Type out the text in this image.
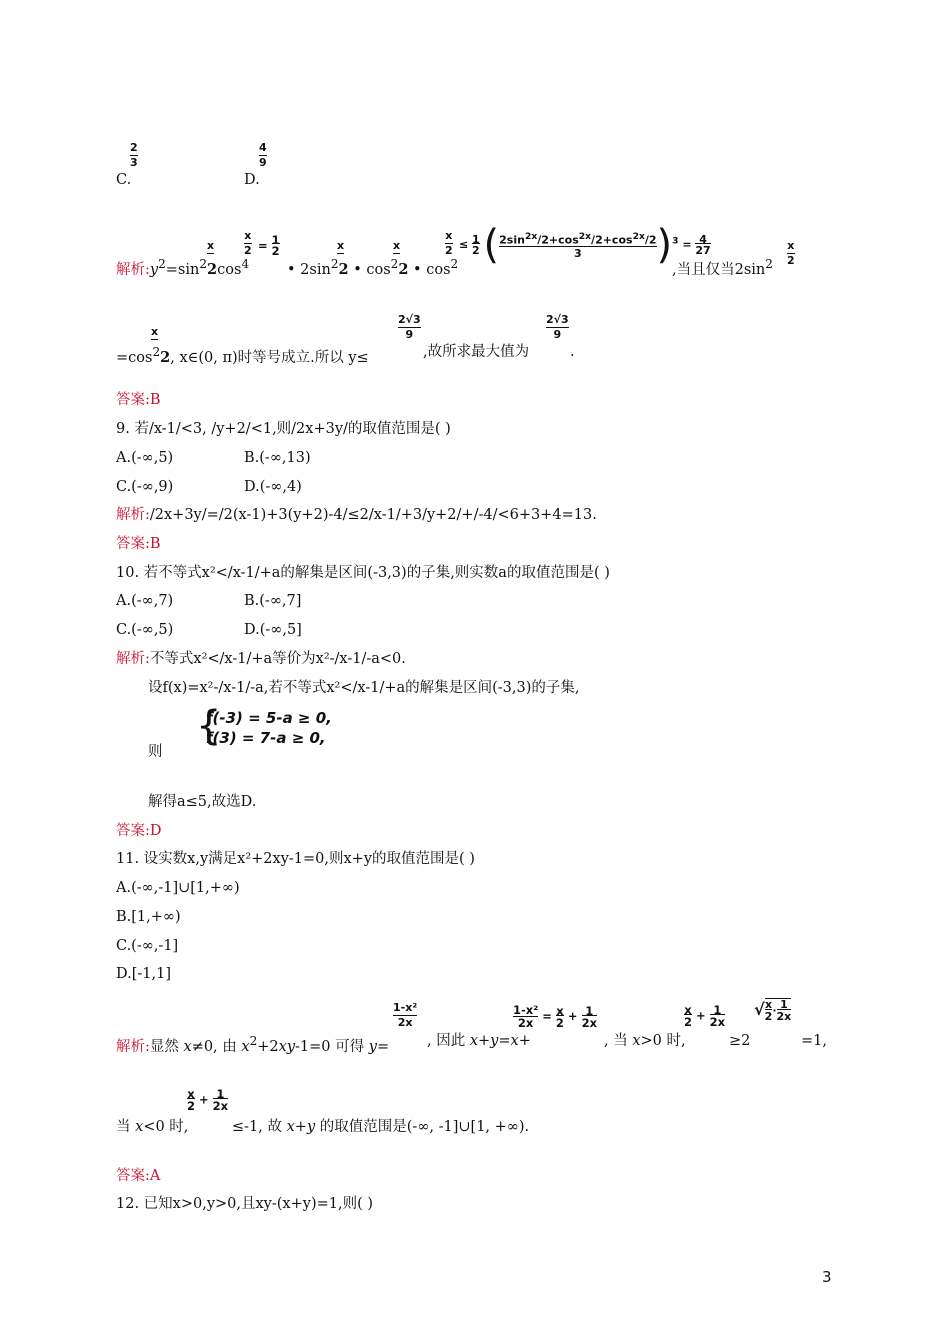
2
3
C.
4
9
D.
解析$:y^2=\sin^22\cos^4$
x
x
2 = 1
2
• $2\sin^22$ • $\cos^22$ • $\cos^2$
x	x
x
2 ≤ 1
2 ($2\sin^{2x}/2+\cos^{2x}/2+\cos^{2x}/2$
3 )$^3$ = 4
27
,当且仅当$2\sin^2$
x
2
$=\cos^22$, x∈(0, π)时等号成立.所以 y≤
x
2√3
9
,故所求最大值为
2√3
9
.
答案:B
9. 若/x-1/<3, /y+2/<1,则/2x+3y/的取值范围是( )
A.(-∞,5)	B.(-∞,13)
C.(-∞,9)	D.(-∞,4)
解析:/2x+3y/=/2(x-1)+3(y+2)-4/≤2/x-1/+3/y+2/+/-4/<6+3+4=13.
答案:B
10. 若不等式x²</x-1/+a的解集是区间(-3,3)的子集,则实数a的取值范围是( )
A.(-∞,7)	B.(-∞,7]
C.(-∞,5)	D.(-∞,5]
解析:不等式x²</x-1/+a等价为x²-/x-1/-a<0.
设f(x)=x²-/x-1/-a,若不等式x²</x-1/+a的解集是区间(-3,3)的子集,
{
f(-3) = 5-a ≥ 0,
f(3) = 7-a ≥ 0,
则
解得a≤5,故选D.
答案:D
11. 设实数x,y满足x²+2xy-1=0,则x+y的取值范围是( )
A.(-∞,-1]∪[1,+∞)
B.[1,+∞)
C.(-∞,-1]
D.[-1,1]
解析:显然 x≠0, 由 $x^2+2xy-1=0$ 可得 y=
1-x²
2x
, 因此 x+y=x+
1-x²
2x = x
2 + 1
2x
, 当 x>0 时,
x
2 + 1
2x
≥2
√x
2· 1
2x
=1,
x
2 + 1
2x
当 x<0 时,	≤-1, 故 x+y 的取值范围是(-∞, -1]∪[1, +∞).
答案:A
12. 已知x>0,y>0,且xy-(x+y)=1,则( )
3
